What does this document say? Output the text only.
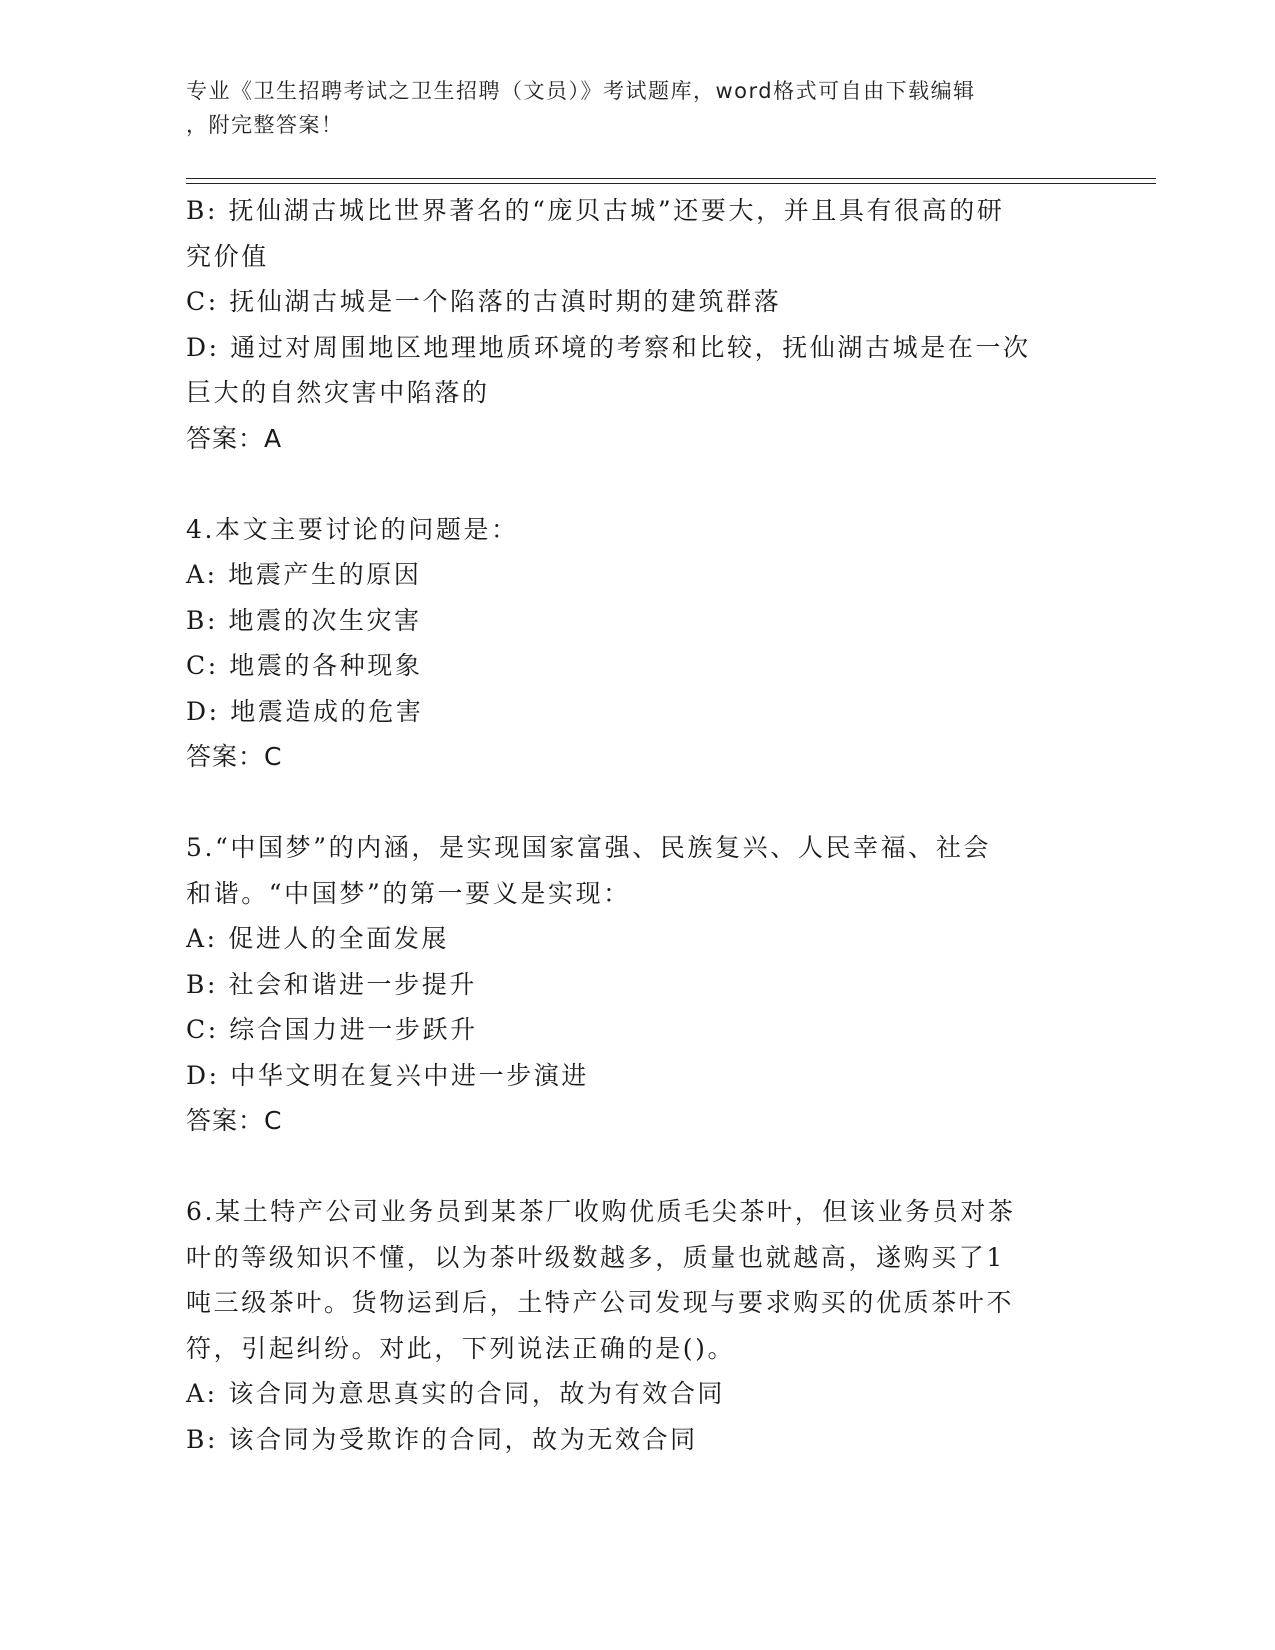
专业《卫生招聘考试之卫生招聘（文员）》考试题库，word格式可自由下载编辑
，附完整答案！
B: 抚仙湖古城比世界著名的“庞贝古城”还要大，并且具有很高的研
究价值
C: 抚仙湖古城是一个陷落的古滇时期的建筑群落
D: 通过对周围地区地理地质环境的考察和比较，抚仙湖古城是在一次
巨大的自然灾害中陷落的
答案：A
4.本文主要讨论的问题是：
A: 地震产生的原因
B: 地震的次生灾害
C: 地震的各种现象
D: 地震造成的危害
答案：C
5.“中国梦”的内涵，是实现国家富强、民族复兴、人民幸福、社会
和谐。“中国梦”的第一要义是实现：
A: 促进人的全面发展
B: 社会和谐进一步提升
C: 综合国力进一步跃升
D: 中华文明在复兴中进一步演进
答案：C
6.某土特产公司业务员到某茶厂收购优质毛尖茶叶，但该业务员对茶
叶的等级知识不懂，以为茶叶级数越多，质量也就越高，遂购买了1
吨三级茶叶。货物运到后，土特产公司发现与要求购买的优质茶叶不
符，引起纠纷。对此，下列说法正确的是()。
A: 该合同为意思真实的合同，故为有效合同
B: 该合同为受欺诈的合同，故为无效合同
